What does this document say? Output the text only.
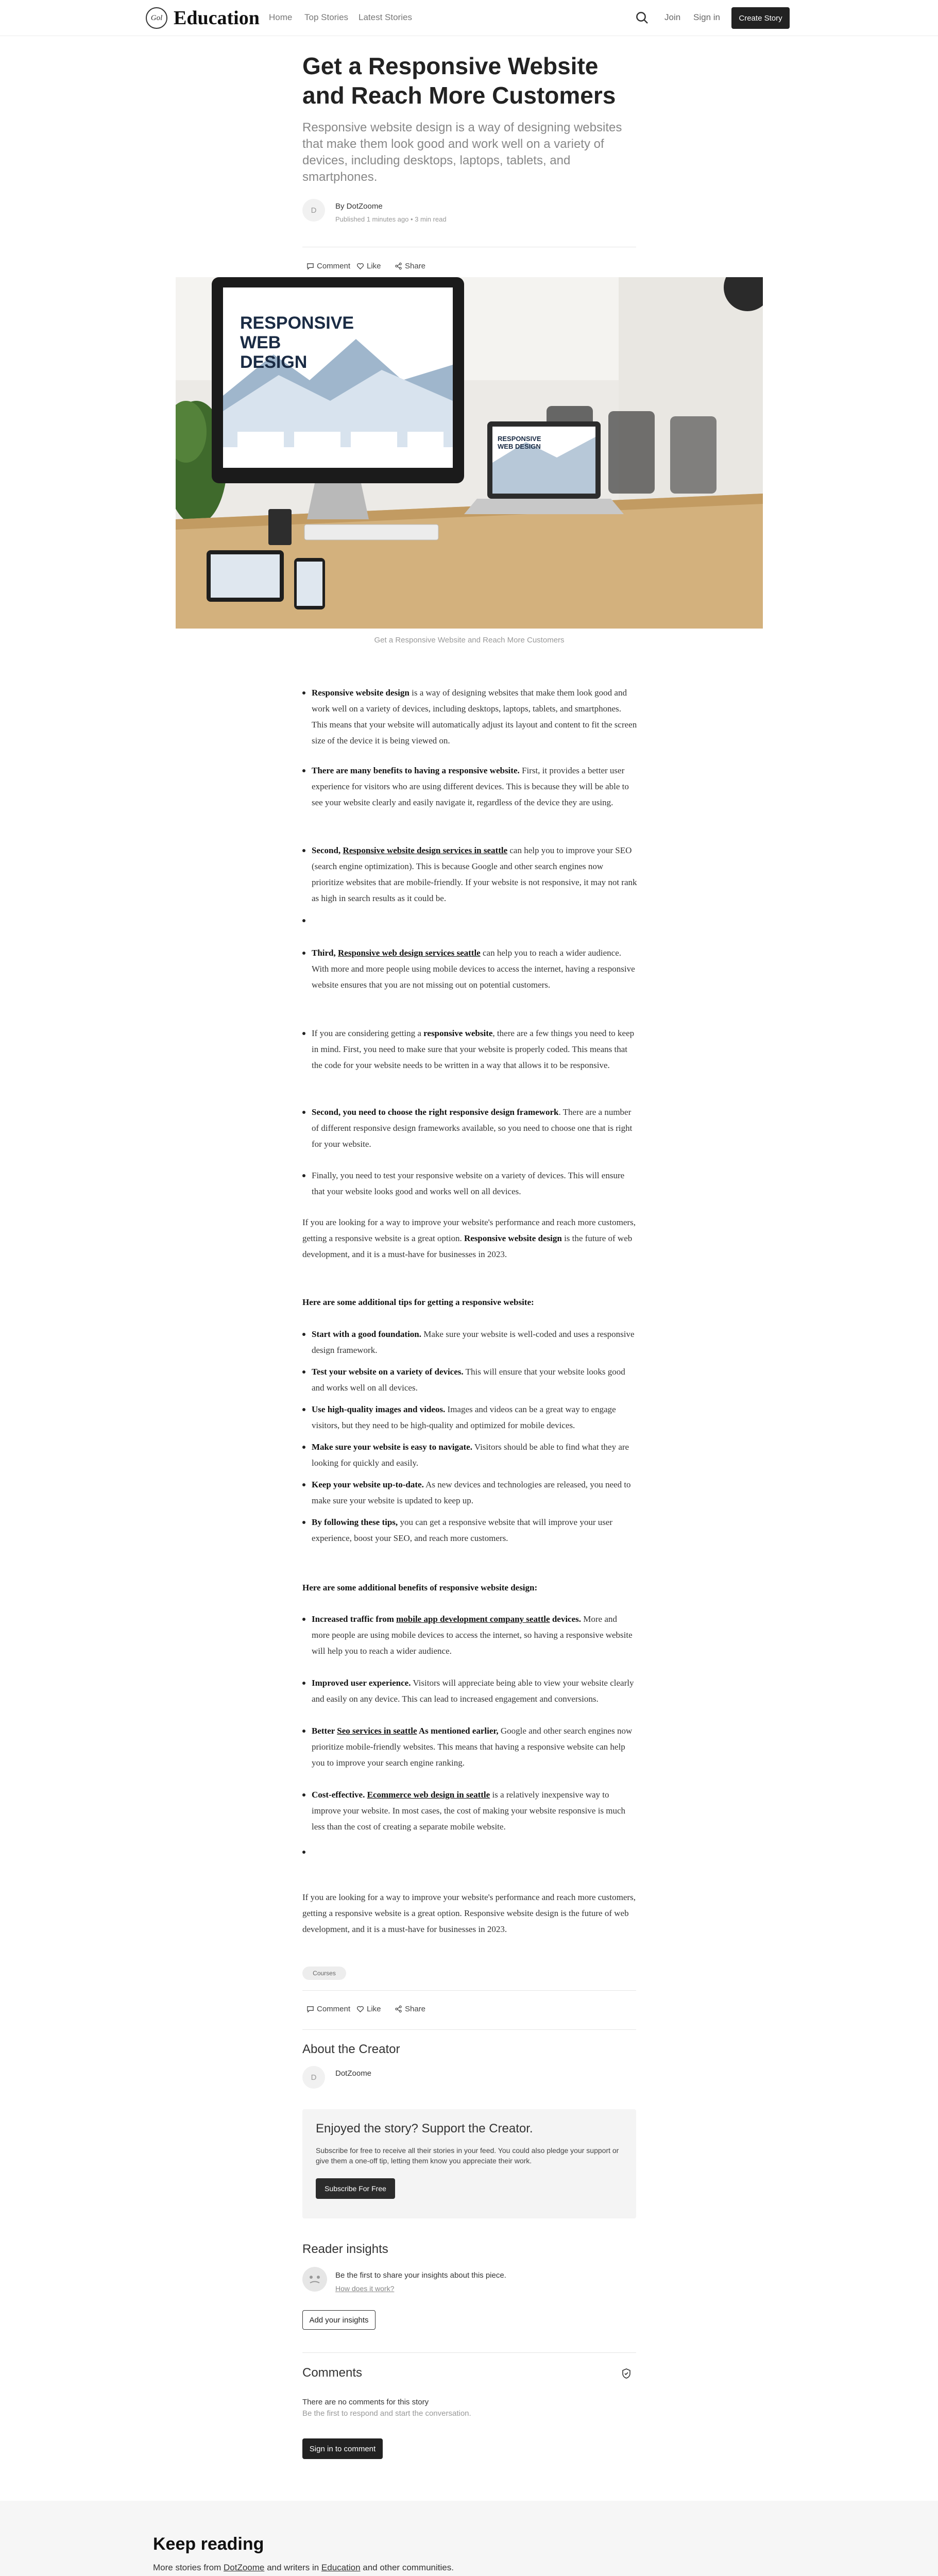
Gol Education Home Top Stories Latest Stories	Join Sign in	Create Story
Get a Responsive Website and Reach More Customers

Responsive website design is a way of designing websites that make them look good and work well on a variety of devices, including desktops, laptops, tablets, and smartphones.

D	By DotZoome
Published 1 minutes ago • 3 min read
Comment Like	Share
RESPONSIVE
WEB
DESIGN
RESPONSIVE
WEB DESIGN
Get a Responsive Website and Reach More Customers
Responsive website design is a way of designing websites that make them look good and work well on a variety of devices, including desktops, laptops, tablets, and smartphones. This means that your website will automatically adjust its layout and content to fit the screen size of the device it is being viewed on.
There are many benefits to having a responsive website. First, it provides a better user experience for visitors who are using different devices. This is because they will be able to see your website clearly and easily navigate it, regardless of the device they are using.
Second, Responsive website design services in seattle can help you to improve your SEO (search engine optimization). This is because Google and other search engines now prioritize websites that are mobile-friendly. If your website is not responsive, it may not rank as high in search results as it could be.

Third, Responsive web design services seattle can help you to reach a wider audience. With more and more people using mobile devices to access the internet, having a responsive website ensures that you are not missing out on potential customers.
If you are considering getting a responsive website, there are a few things you need to keep in mind. First, you need to make sure that your website is properly coded. This means that the code for your website needs to be written in a way that allows it to be responsive.
Second, you need to choose the right responsive design framework. There are a number of different responsive design frameworks available, so you need to choose one that is right for your website.
Finally, you need to test your responsive website on a variety of devices. This will ensure that your website looks good and works well on all devices.

If you are looking for a way to improve your website's performance and reach more customers, getting a responsive website is a great option. Responsive website design is the future of web development, and it is a must-have for businesses in 2023.

Here are some additional tips for getting a responsive website:

Start with a good foundation. Make sure your website is well-coded and uses a responsive design framework.
Test your website on a variety of devices. This will ensure that your website looks good and works well on all devices.
Use high-quality images and videos. Images and videos can be a great way to engage visitors, but they need to be high-quality and optimized for mobile devices.
Make sure your website is easy to navigate. Visitors should be able to find what they are looking for quickly and easily.
Keep your website up-to-date. As new devices and technologies are released, you need to make sure your website is updated to keep up.
By following these tips, you can get a responsive website that will improve your user experience, boost your SEO, and reach more customers.

Here are some additional benefits of responsive website design:

Increased traffic from mobile app development company seattle devices. More and more people are using mobile devices to access the internet, so having a responsive website will help you to reach a wider audience.
Improved user experience. Visitors will appreciate being able to view your website clearly and easily on any device. This can lead to increased engagement and conversions.
Better Seo services in seattle As mentioned earlier, Google and other search engines now prioritize mobile-friendly websites. This means that having a responsive website can help you to improve your search engine ranking.
Cost-effective. Ecommerce web design in seattle is a relatively inexpensive way to improve your website. In most cases, the cost of making your website responsive is much less than the cost of creating a separate mobile website.

If you are looking for a way to improve your website's performance and reach more customers, getting a responsive website is a great option. Responsive website design is the future of web development, and it is a must-have for businesses in 2023.

Courses
Comment Like	Share
About the Creator
D	DotZoome
Enjoyed the story? Support the Creator.
Subscribe for free to receive all their stories in your feed. You could also pledge your support or give them a one-off tip, letting them know you appreciate their work.
Subscribe For Free
Reader insights
Be the first to share your insights about this piece.
How does it work?
Add your insights
Comments
There are no comments for this story
Be the first to respond and start the conversation.
Sign in to comment
Keep reading
More stories from DotZoome and writers in Education and other communities.
